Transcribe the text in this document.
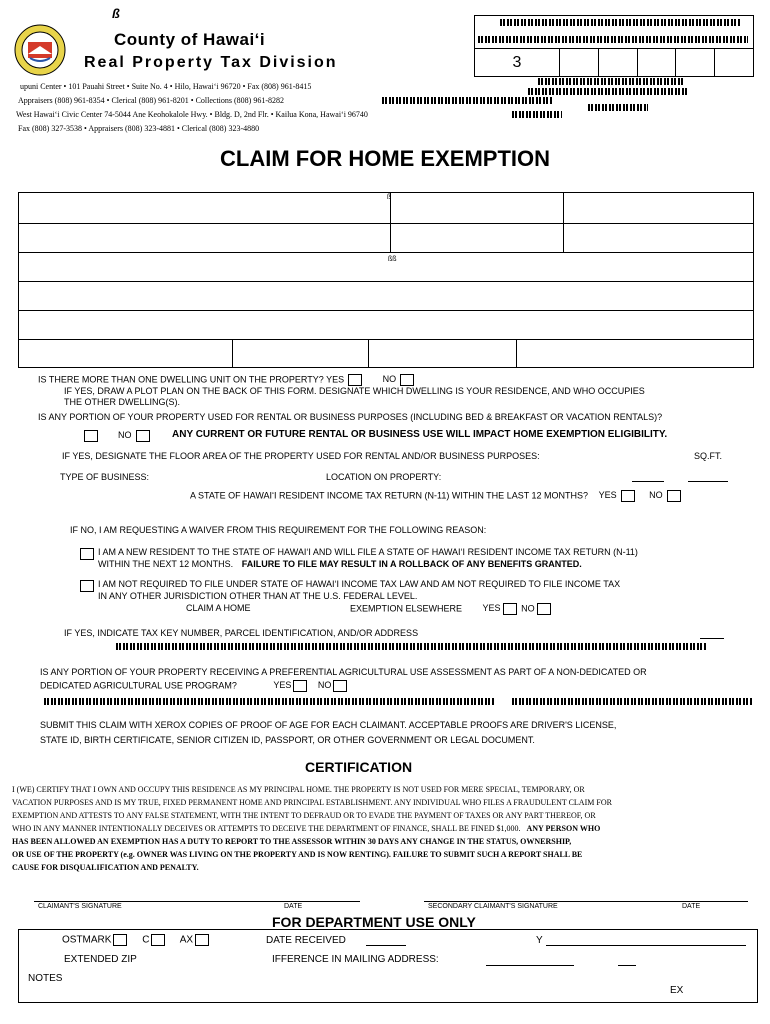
ß
County of Hawai‘i
Real Property Tax Division
upuni Center • 101 Pauahi Street • Suite No. 4 • Hilo, Hawai‘i 96720 • Fax (808) 961-8415
Appraisers (808) 961-8354 • Clerical (808) 961-8201 • Collections (808) 961-8282
West Hawai‘i Civic Center 74-5044 Ane Keohokalole Hwy. • Bldg. D, 2nd Flr. • Kailua Kona, Hawai‘i 96740
Fax (808) 327-3538 • Appraisers (808) 323-4881 • Clerical (808) 323-4880
3					
CLAIM FOR HOME EXEMPTION
ß
ßß
IS THERE MORE THAN ONE DWELLING UNIT ON THE PROPERTY? YES	NO
IF YES, DRAW A PLOT PLAN ON THE BACK OF THIS FORM. DESIGNATE WHICH DWELLING IS YOUR RESIDENCE, AND WHO OCCUPIES
THE OTHER DWELLING(S).
IS ANY PORTION OF YOUR PROPERTY USED FOR RENTAL OR BUSINESS PURPOSES (INCLUDING BED & BREAKFAST OR VACATION RENTALS)?
NO	ANY CURRENT OR FUTURE RENTAL OR BUSINESS USE WILL IMPACT HOME EXEMPTION ELIGIBILITY.
IF YES, DESIGNATE THE FLOOR AREA OF THE PROPERTY USED FOR RENTAL AND/OR BUSINESS PURPOSES:	SQ.FT.
TYPE OF BUSINESS:	LOCATION ON PROPERTY:
A STATE OF HAWAI‘I RESIDENT INCOME TAX RETURN (N-11) WITHIN THE LAST 12 MONTHS? YES	NO
IF NO, I AM REQUESTING A WAIVER FROM THIS REQUIREMENT FOR THE FOLLOWING REASON:
I AM A NEW RESIDENT TO THE STATE OF HAWAI‘I AND WILL FILE A STATE OF HAWAI‘I RESIDENT INCOME TAX RETURN (N-11)
WITHIN THE NEXT 12 MONTHS. FAILURE TO FILE MAY RESULT IN A ROLLBACK OF ANY BENEFITS GRANTED.
I AM NOT REQUIRED TO FILE UNDER STATE OF HAWAI‘I INCOME TAX LAW AND AM NOT REQUIRED TO FILE INCOME TAX
IN ANY OTHER JURISDICTION OTHER THAN AT THE U.S. FEDERAL LEVEL.
CLAIM A HOME	EXEMPTION ELSEWHERE YES NO
IF YES, INDICATE TAX KEY NUMBER, PARCEL IDENTIFICATION, AND/OR ADDRESS
IS ANY PORTION OF YOUR PROPERTY RECEIVING A PREFERENTIAL AGRICULTURAL USE ASSESSMENT AS PART OF A NON-DEDICATED OR
DEDICATED AGRICULTURAL USE PROGRAM?	YES	NO
SUBMIT THIS CLAIM WITH XEROX COPIES OF PROOF OF AGE FOR EACH CLAIMANT. ACCEPTABLE PROOFS ARE DRIVER'S LICENSE,
STATE ID, BIRTH CERTIFICATE, SENIOR CITIZEN ID, PASSPORT, OR OTHER GOVERNMENT OR LEGAL DOCUMENT.
CERTIFICATION
I (WE) CERTIFY THAT I OWN AND OCCUPY THIS RESIDENCE AS MY PRINCIPAL HOME. THE PROPERTY IS NOT USED FOR MERE SPECIAL, TEMPORARY, OR
VACATION PURPOSES AND IS MY TRUE, FIXED PERMANENT HOME AND PRINCIPAL ESTABLISHMENT. ANY INDIVIDUAL WHO FILES A FRAUDULENT CLAIM FOR
EXEMPTION AND ATTESTS TO ANY FALSE STATEMENT, WITH THE INTENT TO DEFRAUD OR TO EVADE THE PAYMENT OF TAXES OR ANY PART THEREOF, OR
WHO IN ANY MANNER INTENTIONALLY DECEIVES OR ATTEMPTS TO DECEIVE THE DEPARTMENT OF FINANCE, SHALL BE FINED $1,000. ANY PERSON WHO
HAS BEEN ALLOWED AN EXEMPTION HAS A DUTY TO REPORT TO THE ASSESSOR WITHIN 30 DAYS ANY CHANGE IN THE STATUS, OWNERSHIP,
OR USE OF THE PROPERTY (e.g. OWNER WAS LIVING ON THE PROPERTY AND IS NOW RENTING). FAILURE TO SUBMIT SUCH A REPORT SHALL BE
CAUSE FOR DISQUALIFICATION AND PENALTY.
CLAIMANT'S SIGNATURE	DATE	SECONDARY CLAIMANT'S SIGNATURE	DATE
FOR DEPARTMENT USE ONLY
OSTMARK	C	AX	DATE RECEIVED	Y
EXTENDED ZIP	IFFERENCE IN MAILING ADDRESS:
NOTES
EX
